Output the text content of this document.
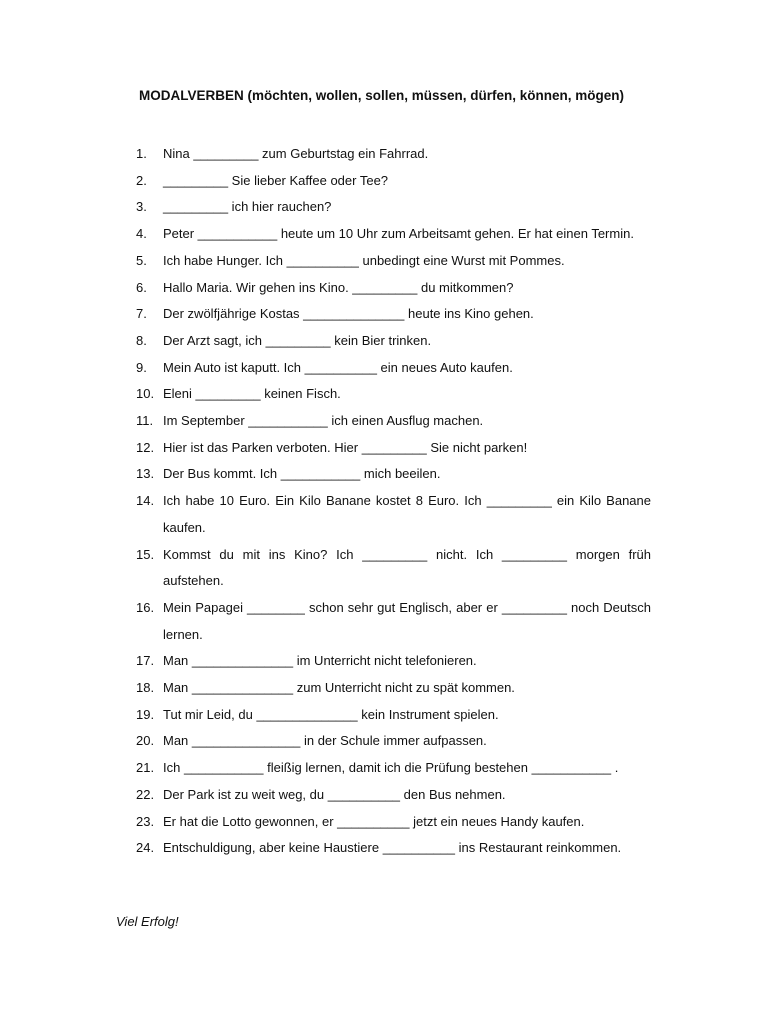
MODALVERBEN (möchten, wollen, sollen, müssen, dürfen, können, mögen)
1.	Nina _________ zum Geburtstag ein Fahrrad.
2.	_________ Sie lieber Kaffee oder Tee?
3.	_________ ich hier rauchen?
4.	Peter ___________ heute um 10 Uhr zum Arbeitsamt gehen. Er hat einen Termin.
5.	Ich habe Hunger. Ich __________ unbedingt eine Wurst mit Pommes.
6.	Hallo Maria. Wir gehen ins Kino. _________ du mitkommen?
7.	Der zwölfjährige Kostas ______________ heute ins Kino gehen.
8.	Der Arzt sagt, ich _________ kein Bier trinken.
9.	Mein Auto ist kaputt. Ich __________ ein neues Auto kaufen.
10. Eleni _________ keinen Fisch.
11. Im September ___________ ich einen Ausflug machen.
12. Hier ist das Parken verboten. Hier _________ Sie nicht parken!
13. Der Bus kommt. Ich ___________ mich beeilen.
14. Ich habe 10 Euro. Ein Kilo Banane kostet 8 Euro. Ich _________ ein Kilo Banane kaufen.
15. Kommst du mit ins Kino? Ich _________ nicht. Ich _________ morgen früh aufstehen.
16. Mein Papagei ________ schon sehr gut Englisch, aber er _________ noch Deutsch lernen.
17. Man ______________ im Unterricht nicht telefonieren.
18. Man ______________ zum Unterricht nicht zu spät kommen.
19. Tut mir Leid, du ______________ kein Instrument spielen.
20. Man _______________ in der Schule immer aufpassen.
21. Ich ___________ fleißig lernen, damit ich die Prüfung bestehen ___________ .
22. Der Park ist zu weit weg, du __________ den Bus nehmen.
23. Er hat die Lotto gewonnen, er __________ jetzt ein neues Handy kaufen.
24. Entschuldigung, aber keine Haustiere __________ ins Restaurant reinkommen.
Viel Erfolg!
